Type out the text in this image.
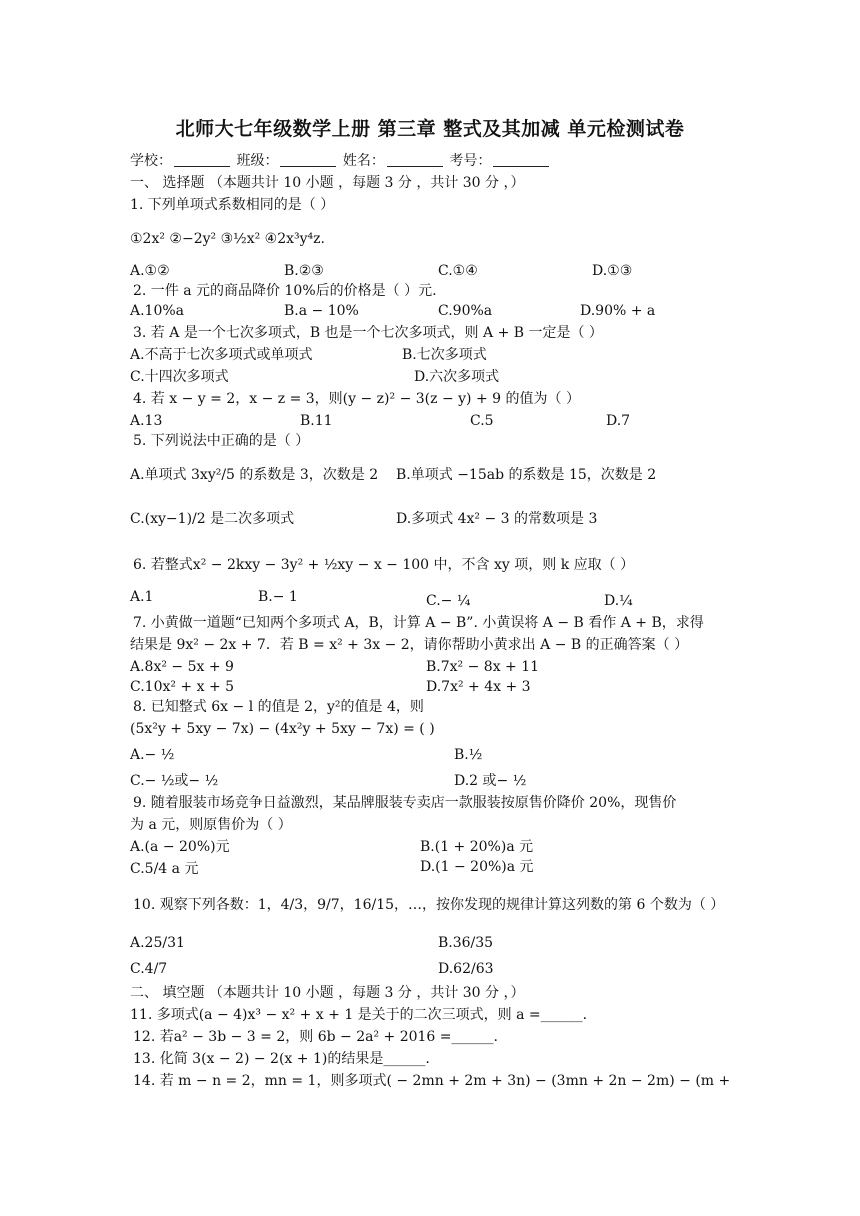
北师大七年级数学上册 第三章 整式及其加减 单元检测试卷
学校：	班级：	姓名：	考号：
一、 选择题 （本题共计 10 小题 ，每题 3 分 ，共计 30 分 ，）
1. 下列单项式系数相同的是（ ）
①2x² ②−2y² ③½x² ④2x³y⁴z.
A.①②	B.②③	C.①④	D.①③
2. 一件 a 元的商品降价 10%后的价格是（ ）元.
A.10%a	B.a − 10%	C.90%a	D.90% + a
3. 若 A 是一个七次多项式，B 也是一个七次多项式，则 A + B 一定是（ ）
A.不高于七次多项式或单项式	B.七次多项式
C.十四次多项式	D.六次多项式
4. 若 x − y = 2，x − z = 3，则(y − z)² − 3(z − y) + 9 的值为（ ）
A.13	B.11	C.5	D.7
5. 下列说法中正确的是（ ）
A.单项式 3xy²/5 的系数是 3，次数是 2 B.单项式 −15ab 的系数是 15，次数是 2
C.(xy−1)/2 是二次多项式	D.多项式 4x² − 3 的常数项是 3
6. 若整式x² − 2kxy − 3y² + ½xy − x − 100 中，不含 xy 项，则 k 应取（ ）
A.1	B.− 1	C.− ¼	D.¼
7. 小黄做一道题“已知两个多项式 A，B，计算 A − B”. 小黄误将 A − B 看作 A + B，求得
结果是 9x² − 2x + 7．若 B = x² + 3x − 2，请你帮助小黄求出 A − B 的正确答案（ ）
A.8x² − 5x + 9	B.7x² − 8x + 11
C.10x² + x + 5	D.7x² + 4x + 3
8. 已知整式 6x − l 的值是 2，y²的值是 4，则
(5x²y + 5xy − 7x) − (4x²y + 5xy − 7x) = ( )
A.− ½	B.½
C.− ½或− ½	D.2 或− ½
9. 随着服装市场竞争日益激烈，某品牌服装专卖店一款服装按原售价降价 20%，现售价
为 a 元，则原售价为（ ）
A.(a − 20%)元	B.(1 + 20%)a 元
C.5/4 a 元	D.(1 − 20%)a 元
10. 观察下列各数：1，4/3，9/7，16/15，…，按你发现的规律计算这列数的第 6 个数为（ ）
A.25/31	B.36/35
C.4/7	D.62/63
二、 填空题 （本题共计 10 小题 ，每题 3 分 ，共计 30 分 ，）
11. 多项式(a − 4)x³ − x² + x + 1 是关于的二次三项式，则 a =______.
12. 若a² − 3b − 3 = 2，则 6b − 2a² + 2016 =______.
13. 化简 3(x − 2) − 2(x + 1)的结果是______.
14. 若 m − n = 2，mn = 1，则多项式( − 2mn + 2m + 3n) − (3mn + 2n − 2m) − (m +
